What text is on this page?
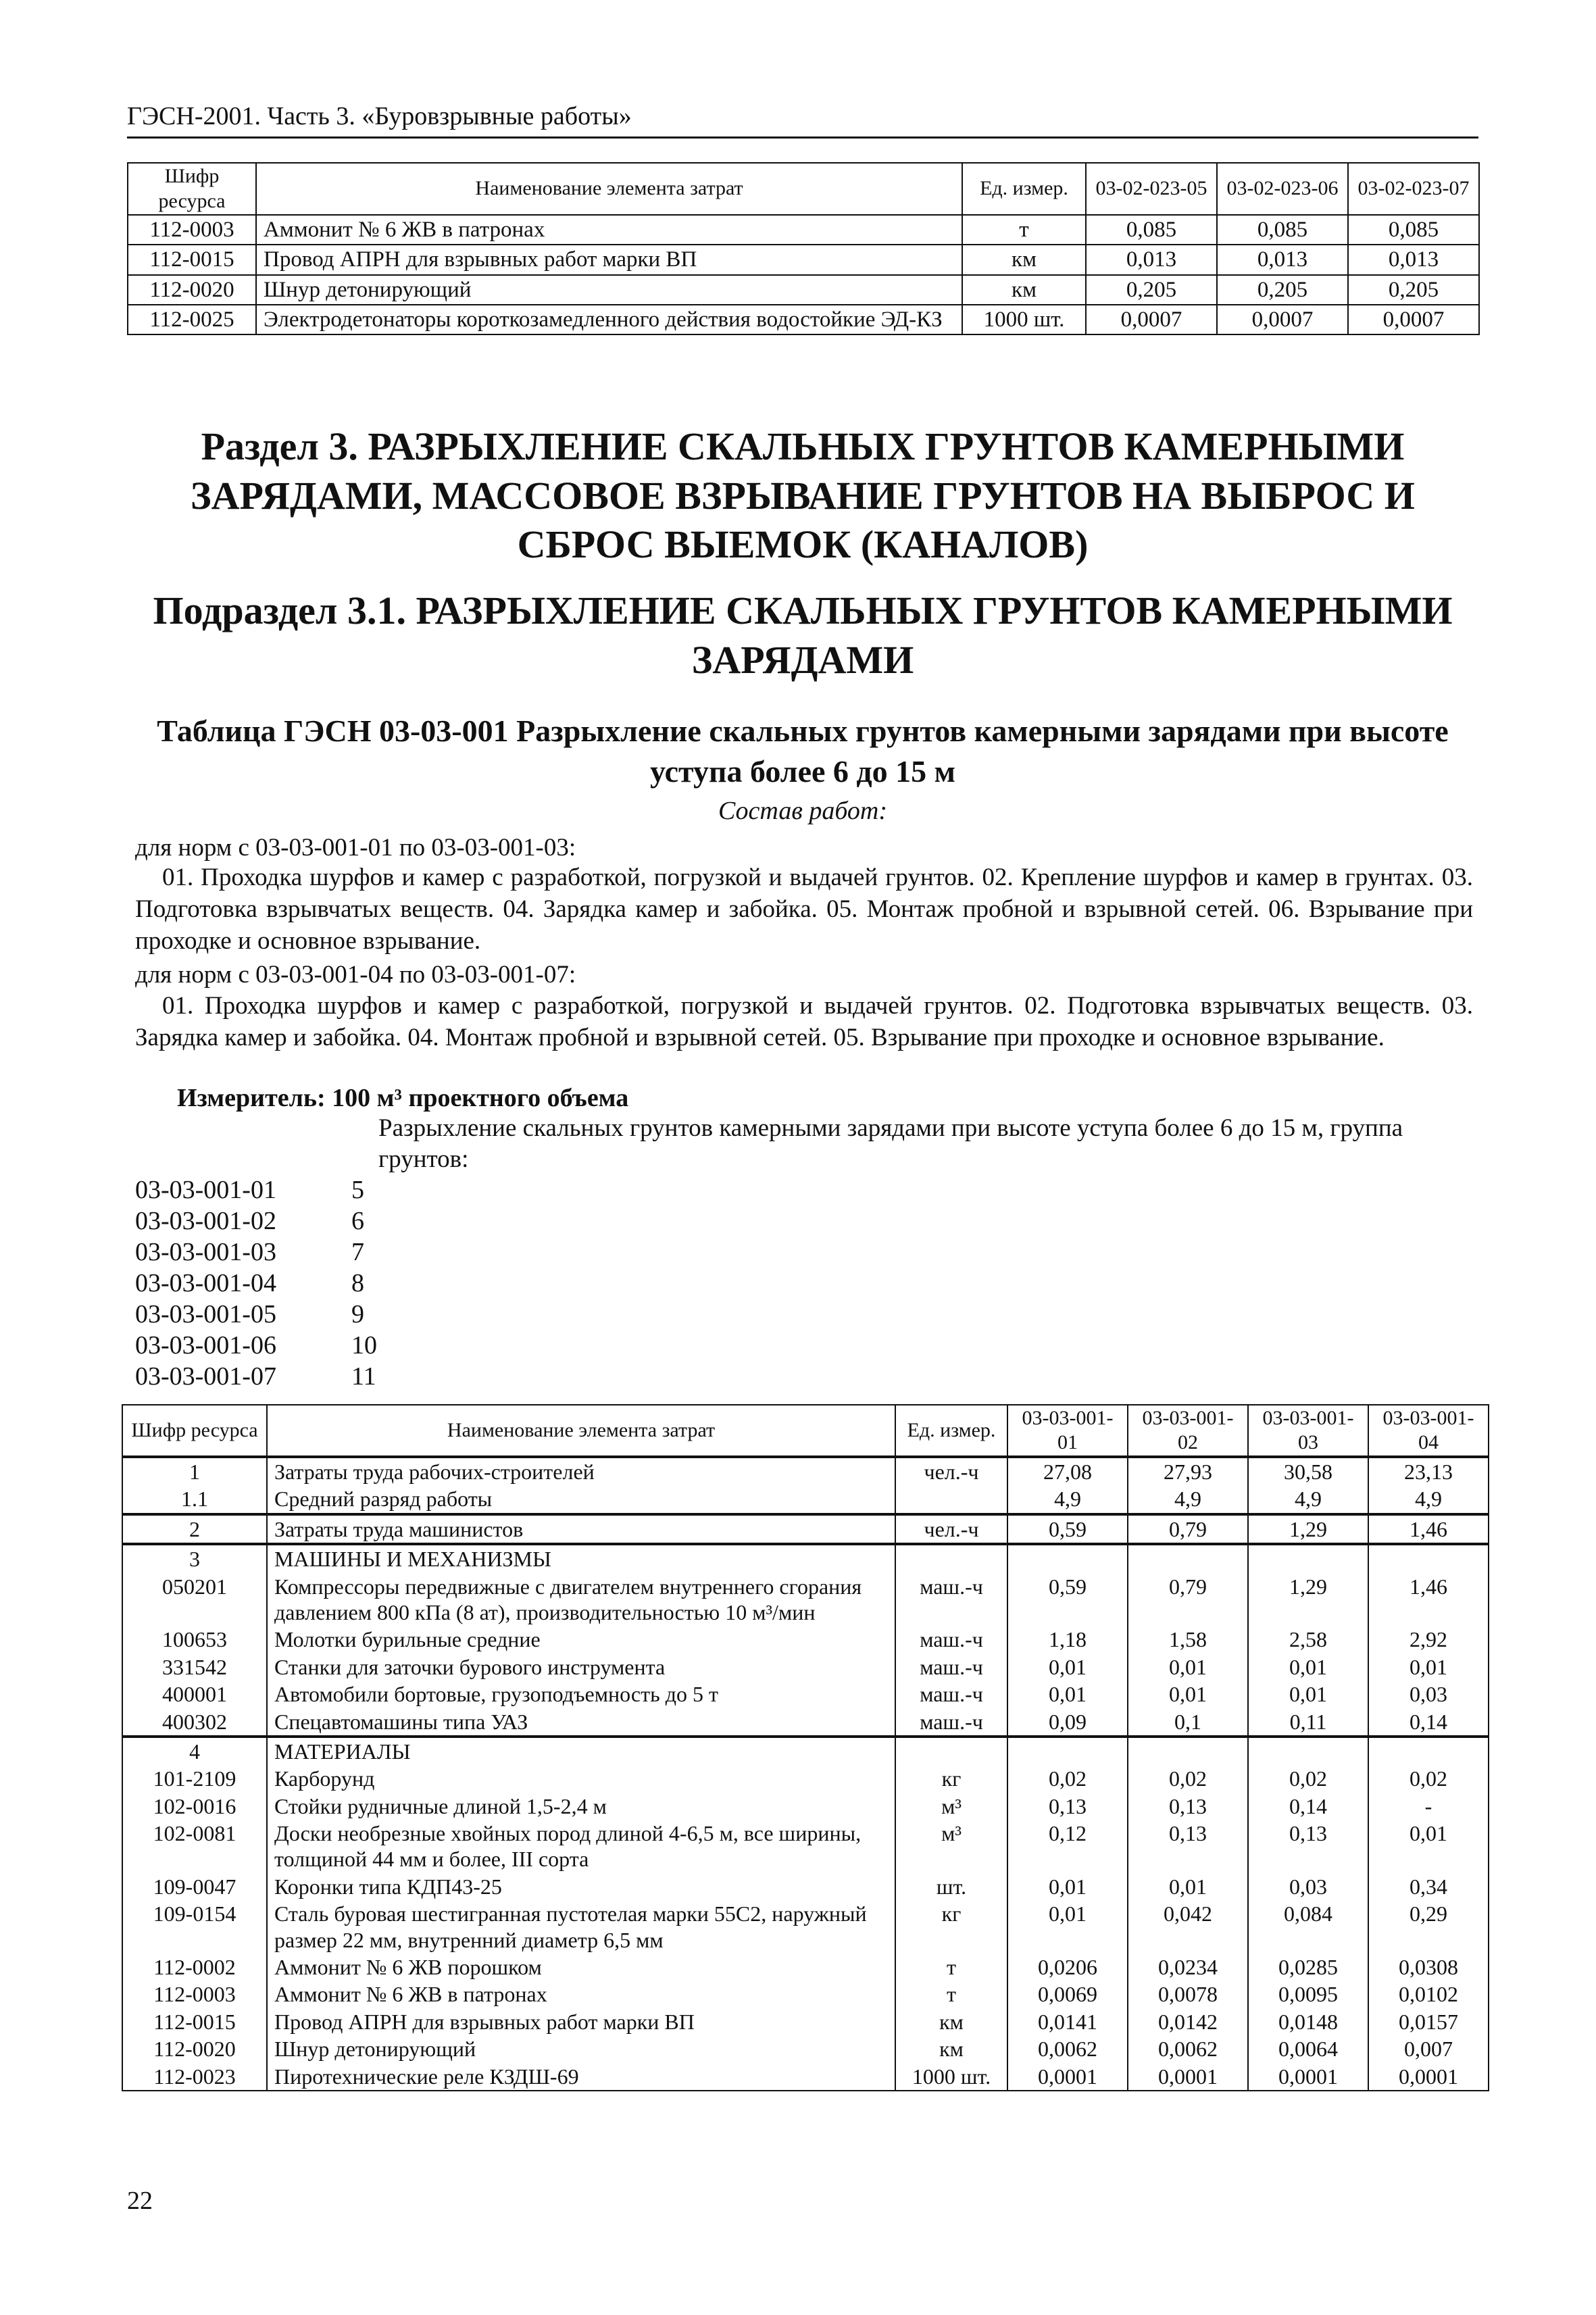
ГЭСН-2001. Часть 3. «Буровзрывные работы»
Шифр ресурса	Наименование элемента затрат	Ед. измер.	03-02-023-05	03-02-023-06	03-02-023-07
112-0003	Аммонит № 6 ЖВ в патронах	т	0,085	0,085	0,085
112-0015	Провод АПРН для взрывных работ марки ВП	км	0,013	0,013	0,013
112-0020	Шнур детонирующий	км	0,205	0,205	0,205
112-0025	Электродетонаторы короткозамедленного действия водостойкие ЭД-КЗ	1000 шт.	0,0007	0,0007	0,0007
Раздел 3. РАЗРЫХЛЕНИЕ СКАЛЬНЫХ ГРУНТОВ КАМЕРНЫМИ ЗАРЯДАМИ, МАССОВОЕ ВЗРЫВАНИЕ ГРУНТОВ НА ВЫБРОС И СБРОС ВЫЕМОК (КАНАЛОВ)
Подраздел 3.1. РАЗРЫХЛЕНИЕ СКАЛЬНЫХ ГРУНТОВ КАМЕРНЫМИ ЗАРЯДАМИ
Таблица ГЭСН 03-03-001 Разрыхление скальных грунтов камерными зарядами при высоте уступа более 6 до 15 м
Состав работ:
для норм с 03-03-001-01 по 03-03-001-03:
01. Проходка шурфов и камер с разработкой, погрузкой и выдачей грунтов. 02. Крепление шурфов и камер в грунтах. 03. Подготовка взрывчатых веществ. 04. Зарядка камер и забойка. 05. Монтаж пробной и взрывной сетей. 06. Взрывание при проходке и основное взрывание.
для норм с 03-03-001-04 по 03-03-001-07:
01. Проходка шурфов и камер с разработкой, погрузкой и выдачей грунтов. 02. Подготовка взрывчатых веществ. 03. Зарядка камер и забойка. 04. Монтаж пробной и взрывной сетей. 05. Взрывание при проходке и основное взрывание.
Измеритель: 100 м³ проектного объема
Разрыхление скальных грунтов камерными зарядами при высоте уступа более 6 до 15 м, группа грунтов:
03-03-001-01	5
03-03-001-02	6
03-03-001-03	7
03-03-001-04	8
03-03-001-05	9
03-03-001-06	10
03-03-001-07	11
Шифр ресурса	Наименование элемента затрат	Ед. измер.	03-03-001-01	03-03-001-02	03-03-001-03	03-03-001-04
1	Затраты труда рабочих-строителей	чел.-ч	27,08	27,93	30,58	23,13
1.1	Средний разряд работы		4,9	4,9	4,9	4,9
2	Затраты труда машинистов	чел.-ч	0,59	0,79	1,29	1,46
3	МАШИНЫ И МЕХАНИЗМЫ					
050201	Компрессоры передвижные с двигателем внутреннего сгорания давлением 800 кПа (8 ат), производительностью 10 м³/мин	маш.-ч	0,59	0,79	1,29	1,46
100653	Молотки бурильные средние	маш.-ч	1,18	1,58	2,58	2,92
331542	Станки для заточки бурового инструмента	маш.-ч	0,01	0,01	0,01	0,01
400001	Автомобили бортовые, грузоподъемность до 5 т	маш.-ч	0,01	0,01	0,01	0,03
400302	Спецавтомашины типа УАЗ	маш.-ч	0,09	0,1	0,11	0,14
4	МАТЕРИАЛЫ					
101-2109	Карборунд	кг	0,02	0,02	0,02	0,02
102-0016	Стойки рудничные длиной 1,5-2,4 м	м³	0,13	0,13	0,14	-
102-0081	Доски необрезные хвойных пород длиной 4-6,5 м, все ширины, толщиной 44 мм и более, III сорта	м³	0,12	0,13	0,13	0,01
109-0047	Коронки типа КДП43-25	шт.	0,01	0,01	0,03	0,34
109-0154	Сталь буровая шестигранная пустотелая марки 55С2, наружный размер 22 мм, внутренний диаметр 6,5 мм	кг	0,01	0,042	0,084	0,29
112-0002	Аммонит № 6 ЖВ порошком	т	0,0206	0,0234	0,0285	0,0308
112-0003	Аммонит № 6 ЖВ в патронах	т	0,0069	0,0078	0,0095	0,0102
112-0015	Провод АПРН для взрывных работ марки ВП	км	0,0141	0,0142	0,0148	0,0157
112-0020	Шнур детонирующий	км	0,0062	0,0062	0,0064	0,007
112-0023	Пиротехнические реле КЗДШ-69	1000 шт.	0,0001	0,0001	0,0001	0,0001
22
